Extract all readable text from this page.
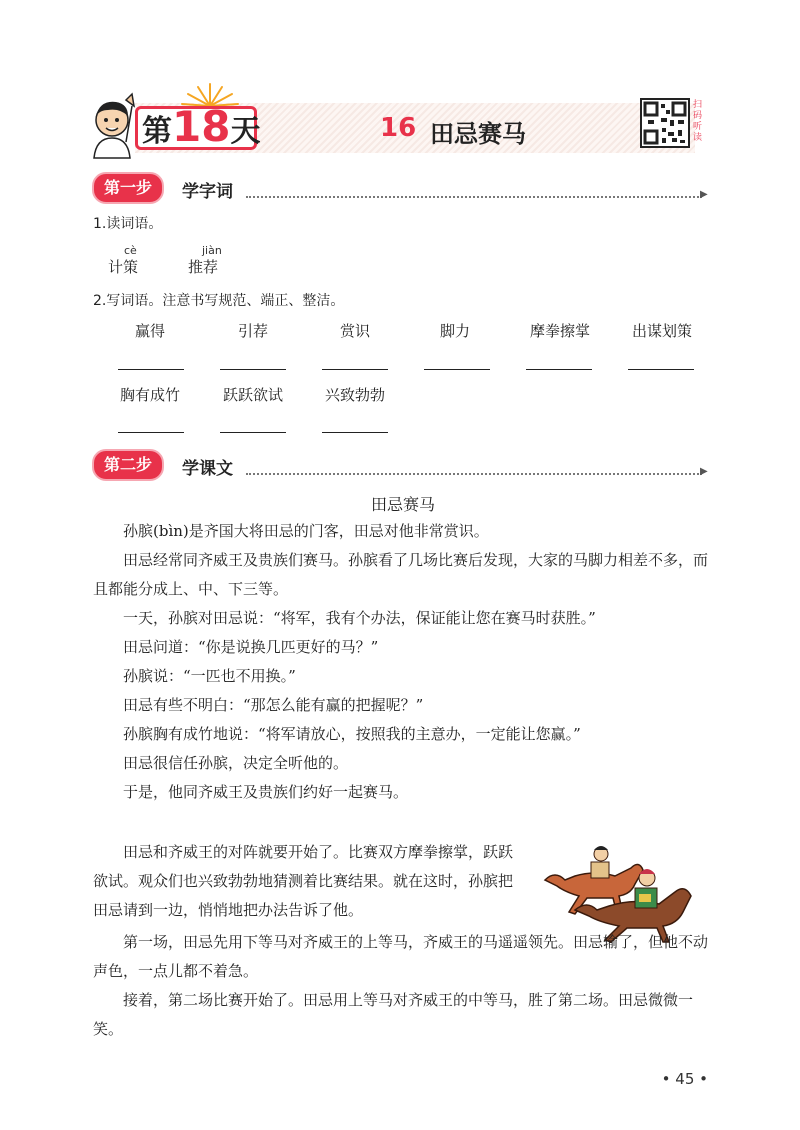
第18天	16 田忌赛马
扫码听读
第一步	学字词	▶
1.读词语。
cè
计策
jiàn
推荐
2.写词语。注意书写规范、端正、整洁。
赢得	引荐	赏识	脚力	摩拳擦掌	出谋划策
胸有成竹	跃跃欲试	兴致勃勃
第二步	学课文	▶
田忌赛马

孙膑(bìn)是齐国大将田忌的门客，田忌对他非常赏识。

田忌经常同齐威王及贵族们赛马。孙膑看了几场比赛后发现，大家的马脚力相差不多，而且都能分成上、中、下三等。

一天，孙膑对田忌说：“将军，我有个办法，保证能让您在赛马时获胜。”

田忌问道：“你是说换几匹更好的马？”

孙膑说：“一匹也不用换。”

田忌有些不明白：“那怎么能有赢的把握呢？”

孙膑胸有成竹地说：“将军请放心，按照我的主意办，一定能让您赢。”

田忌很信任孙膑，决定全听他的。

于是，他同齐威王及贵族们约好一起赛马。

田忌和齐威王的对阵就要开始了。比赛双方摩拳擦掌，跃跃欲试。观众们也兴致勃勃地猜测着比赛结果。就在这时，孙膑把田忌请到一边，悄悄地把办法告诉了他。

第一场，田忌先用下等马对齐威王的上等马，齐威王的马遥遥领先。田忌输了，但他不动声色，一点儿都不着急。

接着，第二场比赛开始了。田忌用上等马对齐威王的中等马，胜了第二场。田忌微微一笑。

• 45 •
